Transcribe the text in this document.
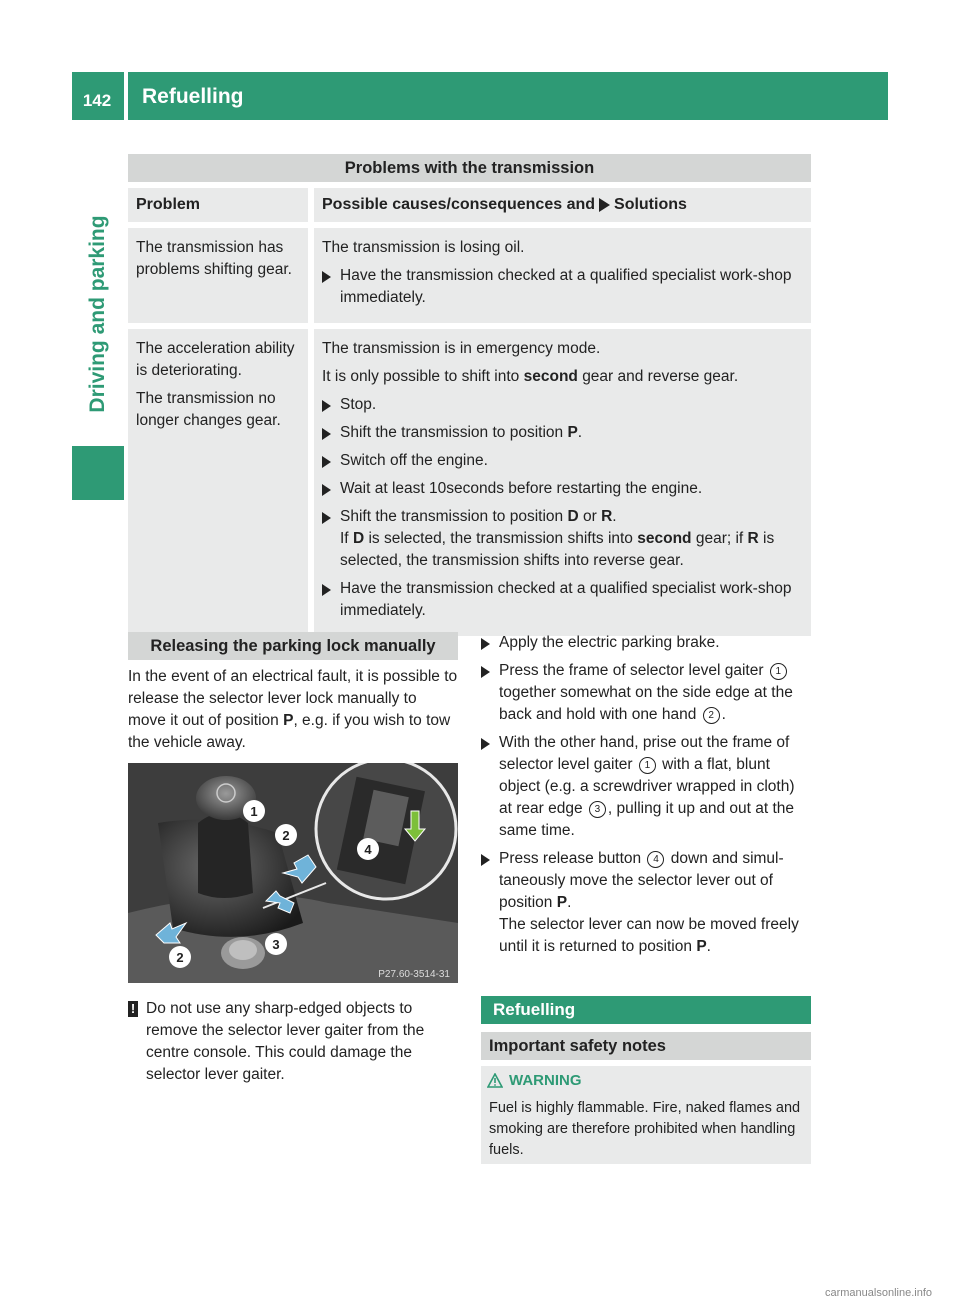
142	Refuelling
Driving and parking
Problems with the transmission
Problem	Possible causes/consequences and Solutions

The transmission has problems shifting gear.

The transmission is losing oil.

Have the transmission checked at a qualified specialist work-shop immediately.

The acceleration ability is deteriorating.

The transmission no longer changes gear.

The transmission is in emergency mode.

It is only possible to shift into second gear and reverse gear.

Stop.
Shift the transmission to position P.
Switch off the engine.
Wait at least 10seconds before restarting the engine.
Shift the transmission to position D or R.
If D is selected, the transmission shifts into second gear; if R is selected, the transmission shifts into reverse gear.
Have the transmission checked at a qualified specialist work-shop immediately.
Releasing the parking lock manually

In the event of an electrical fault, it is possible to release the selector lever lock manually to move it out of position P, e.g. if you wish to tow the vehicle away.

1
2
2
3
4
P27.60-3514-31
! Do not use any sharp-edged objects to remove the selector lever gaiter from the centre console. This could damage the selector lever gaiter.
Apply the electric parking brake.
Press the frame of selector level gaiter 1 together somewhat on the side edge at the back and hold with one hand 2 .
With the other hand, prise out the frame of selector level gaiter 1 with a flat, blunt object (e.g. a screwdriver wrapped in cloth) at rear edge 3 , pulling it up and out at the same time.
Press release button 4 down and simul-taneously move the selector lever out of position P.
The selector lever can now be moved freely until it is returned to position P.
Refuelling
Important safety notes
WARNING
Fuel is highly flammable. Fire, naked flames and smoking are therefore prohibited when handling fuels.
carmanualsonline.info
